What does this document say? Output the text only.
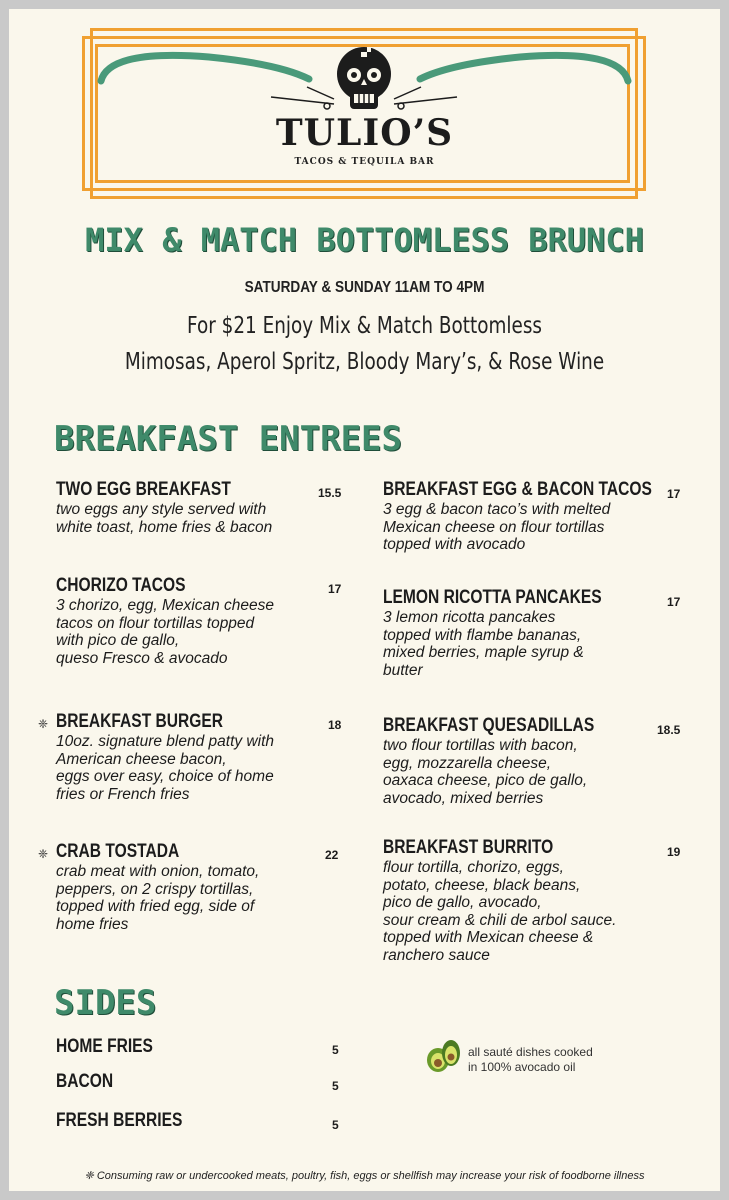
TULIO’S
TACOS & TEQUILA BAR
MIX & MATCH BOTTOMLESS BRUNCH
SATURDAY & SUNDAY 11AM TO 4PM
For $21 Enjoy Mix & Match Bottomless
Mimosas, Aperol Spritz, Bloody Mary’s, & Rose Wine
BREAKFAST ENTREES
TWO EGG BREAKFAST	15.5
two eggs any style served with
white toast, home fries & bacon
CHORIZO TACOS	17
3 chorizo, egg, Mexican cheese
tacos on flour tortillas topped
with pico de gallo,
queso Fresco & avocado
❈ BREAKFAST BURGER	18
10oz. signature blend patty with
American cheese bacon,
eggs over easy, choice of home
fries or French fries
❈ CRAB TOSTADA	22
crab meat with onion, tomato,
peppers, on 2 crispy tortillas,
topped with fried egg, side of
home fries
BREAKFAST EGG & BACON TACOS 17
3 egg & bacon taco’s with melted
Mexican cheese on flour tortillas
topped with avocado
LEMON RICOTTA PANCAKES	17
3 lemon ricotta pancakes
topped with flambe bananas,
mixed berries, maple syrup &
butter
BREAKFAST QUESADILLAS	18.5
two flour tortillas with bacon,
egg, mozzarella cheese,
oaxaca cheese, pico de gallo,
avocado, mixed berries
BREAKFAST BURRITO	19
flour tortilla, chorizo, eggs,
potato, cheese, black beans,
pico de gallo, avocado,
sour cream & chili de arbol sauce.
topped with Mexican cheese &
ranchero sauce
SIDES
HOME FRIES	5
BACON	5
FRESH BERRIES	5
all sauté dishes cooked
in 100% avocado oil
❈ Consuming raw or undercooked meats, poultry, fish, eggs or shellfish may increase your risk of foodborne illness
